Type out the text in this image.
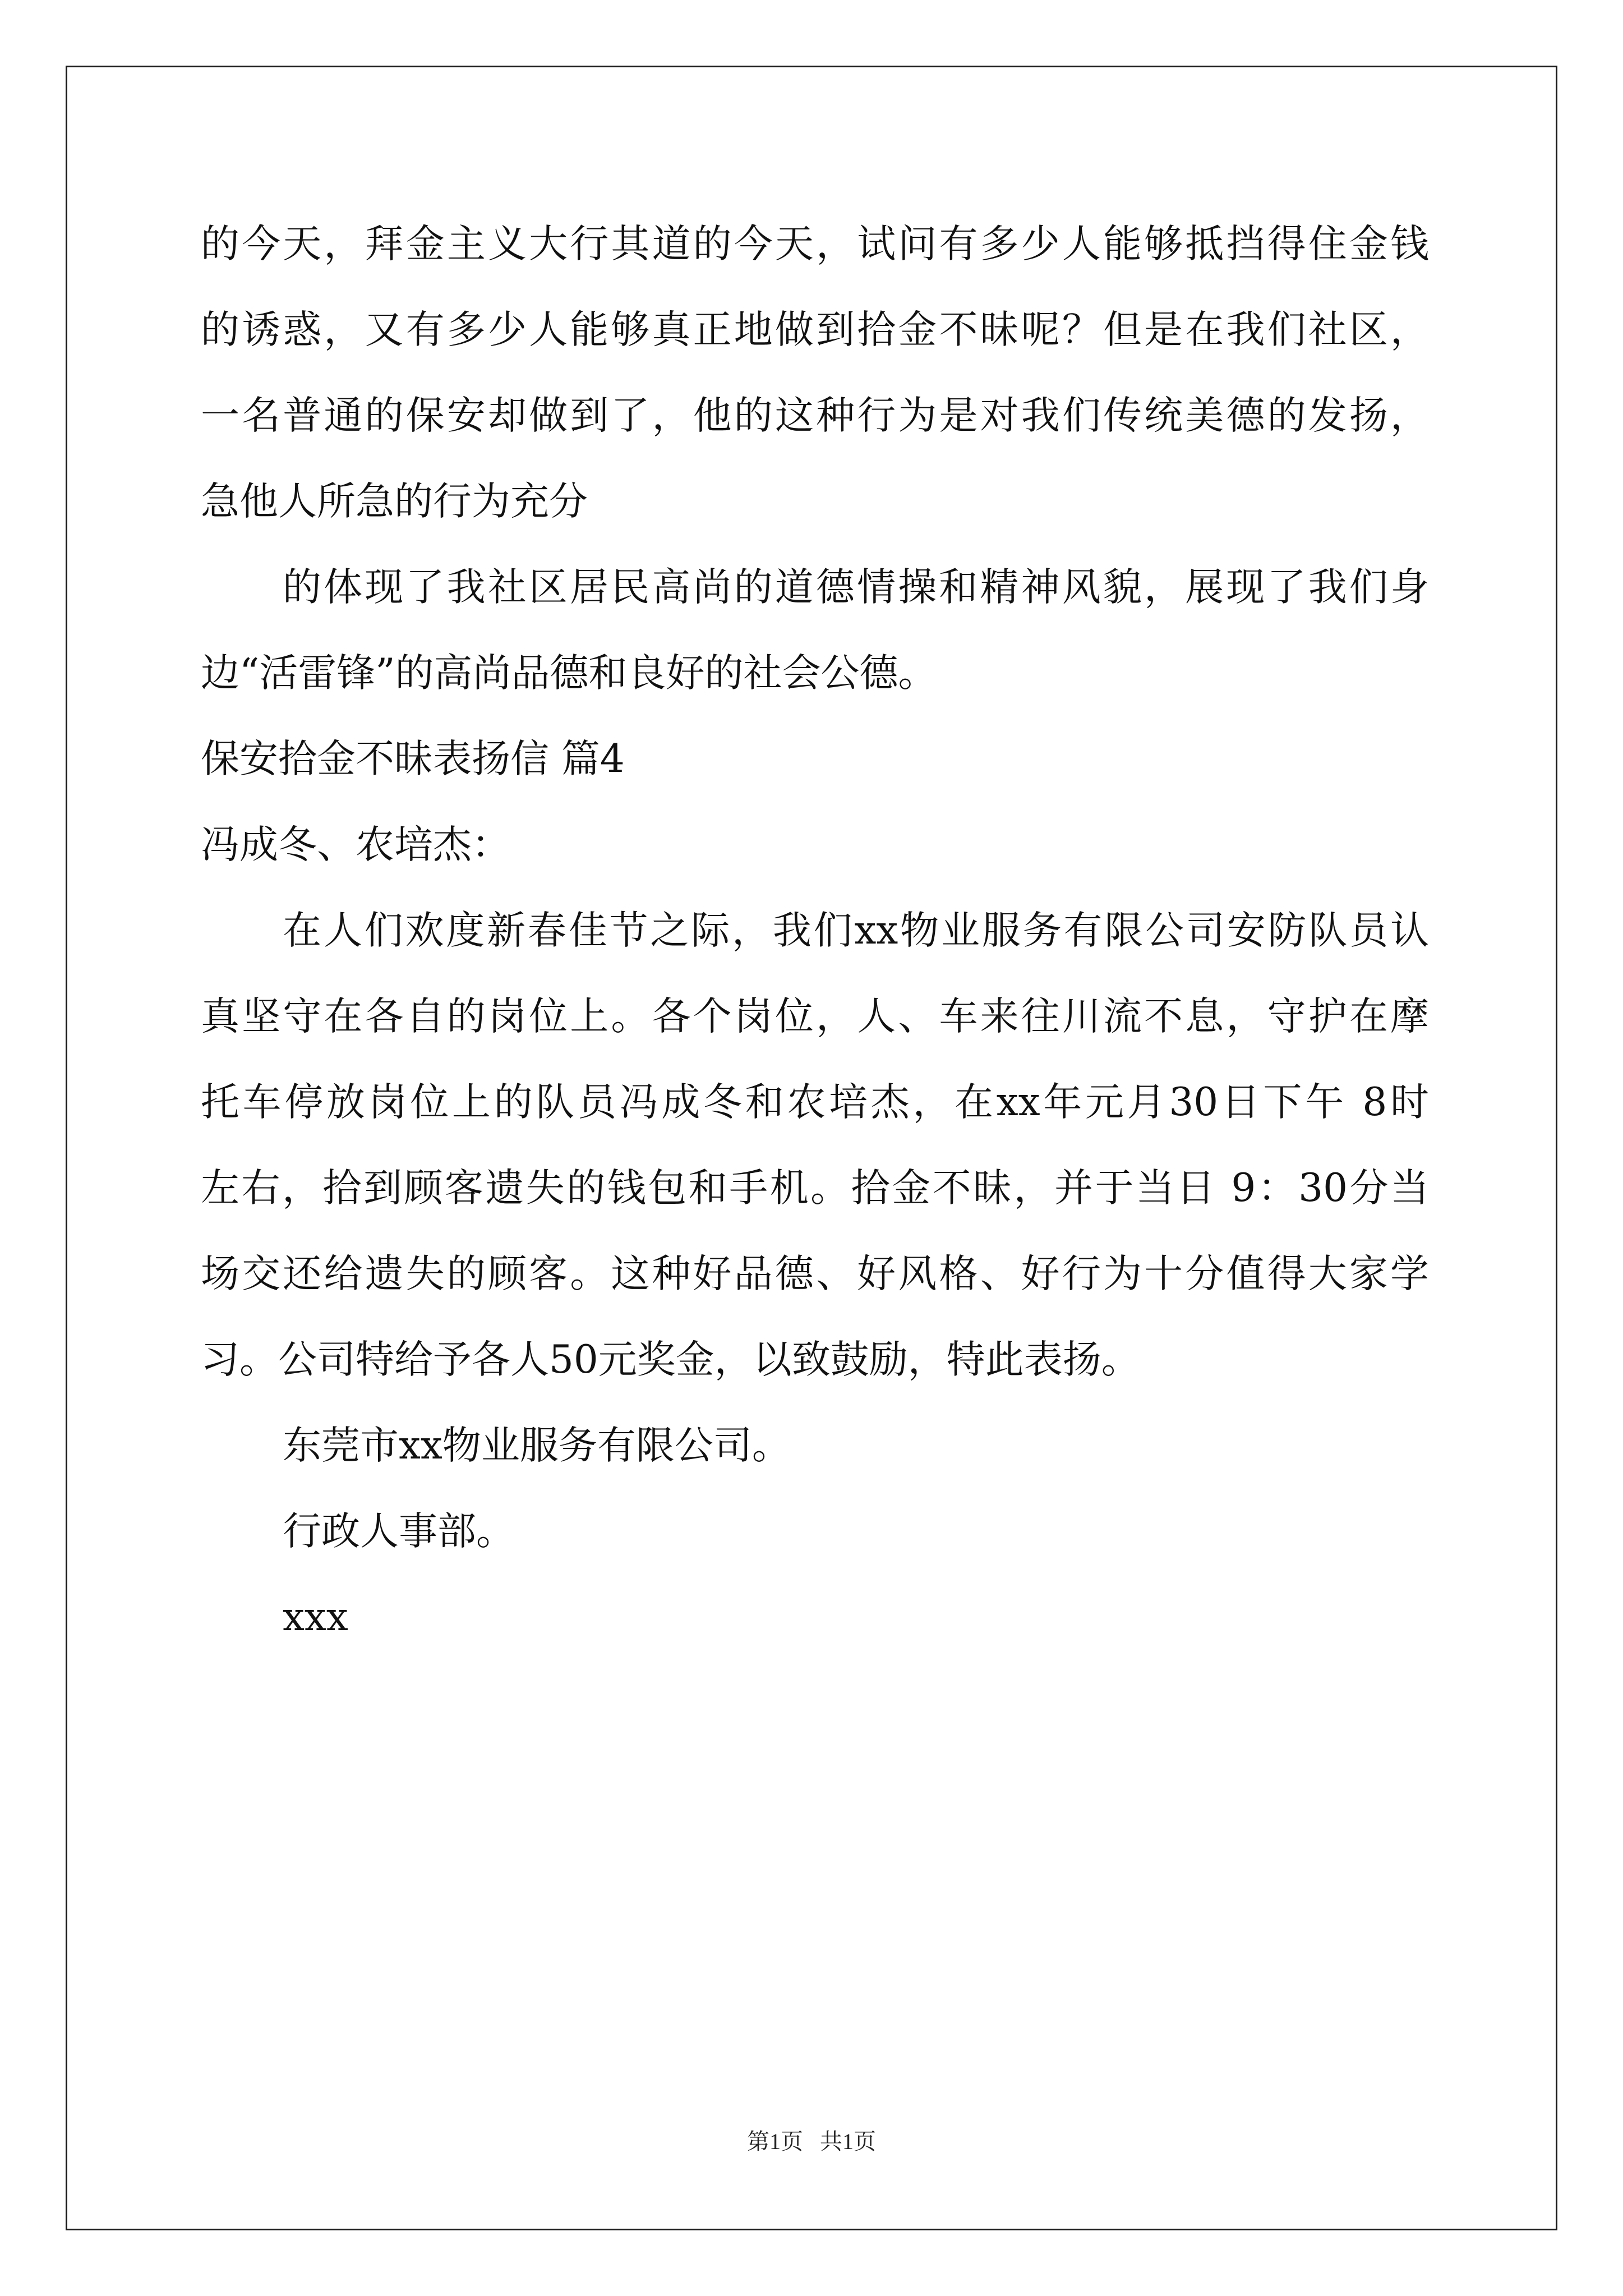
的今天，拜金主义大行其道的今天，试问有多少人能够抵挡得住金钱
的诱惑，又有多少人能够真正地做到拾金不昧呢？但是在我们社区，
一名普通的保安却做到了，他的这种行为是对我们传统美德的发扬，
急他人所急的行为充分
的体现了我社区居民高尚的道德情操和精神风貌，展现了我们身
边“活雷锋”的高尚品德和良好的社会公德。
保安拾金不昧表扬信 篇4
冯成冬、农培杰：
在人们欢度新春佳节之际，我们xx物业服务有限公司安防队员认
真坚守在各自的岗位上。各个岗位，人、车来往川流不息，守护在摩
托车停放岗位上的队员冯成冬和农培杰，在xx年元月30日下午 8时
左右，拾到顾客遗失的钱包和手机。拾金不昧，并于当日 9：30分当
场交还给遗失的顾客。这种好品德、好风格、好行为十分值得大家学
习。公司特给予各人50元奖金，以致鼓励，特此表扬。
东莞市xx物业服务有限公司。
行政人事部。
xxx
第1页   共1页
